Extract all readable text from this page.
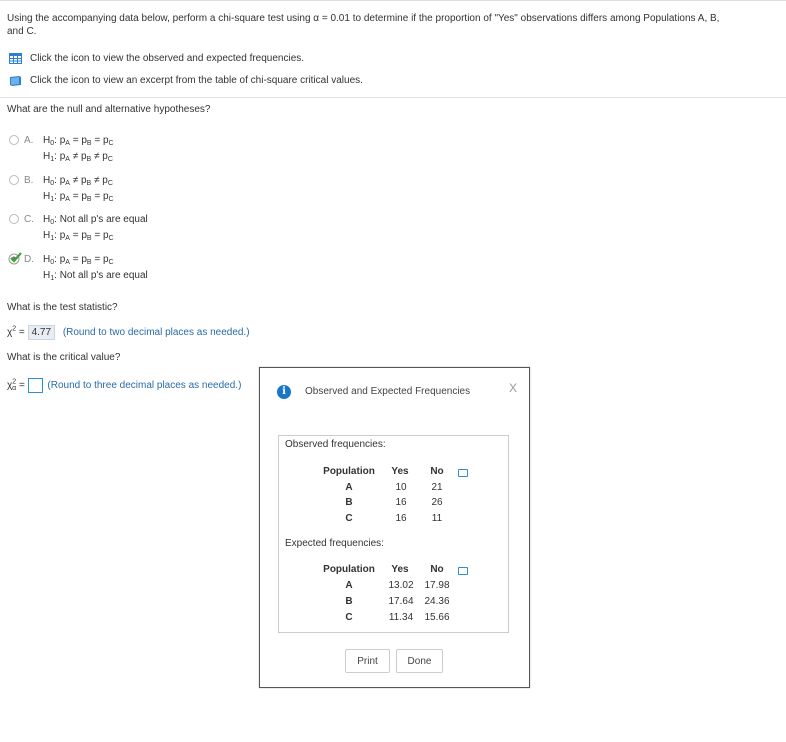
Using the accompanying data below, perform a chi-square test using α = 0.01 to determine if the proportion of "Yes" observations differs among Populations A, B,
and C.
Click the icon to view the observed and expected frequencies.
Click the icon to view an excerpt from the table of chi-square critical values.
What are the null and alternative hypotheses?
A. $H_0$: $p_A = p_B = p_C$
$H_1$: $p_A \ne p_B \ne p_C$
B. $H_0$: $p_A \ne p_B \ne p_C$
$H_1$: $p_A = p_B = p_C$
C. $H_0$: Not all p's are equal
$H_1$: $p_A = p_B = p_C$
D. $H_0$: $p_A = p_B = p_C$
$H_1$: Not all p's are equal
What is the test statistic?
$\chi^2 = 4.77$ (Round to two decimal places as needed.)
What is the critical value?
$\chi^2_\alpha$ = (Round to three decimal places as needed.)
i	Observed and Expected Frequencies	X
Observed frequencies:
Population	Yes	No
A	10	21
B	16	26
C	16	11
Expected frequencies:
Population	Yes	No
A	13.02 17.98
B	17.64 24.36
C	11.34 15.66
Print	Done
